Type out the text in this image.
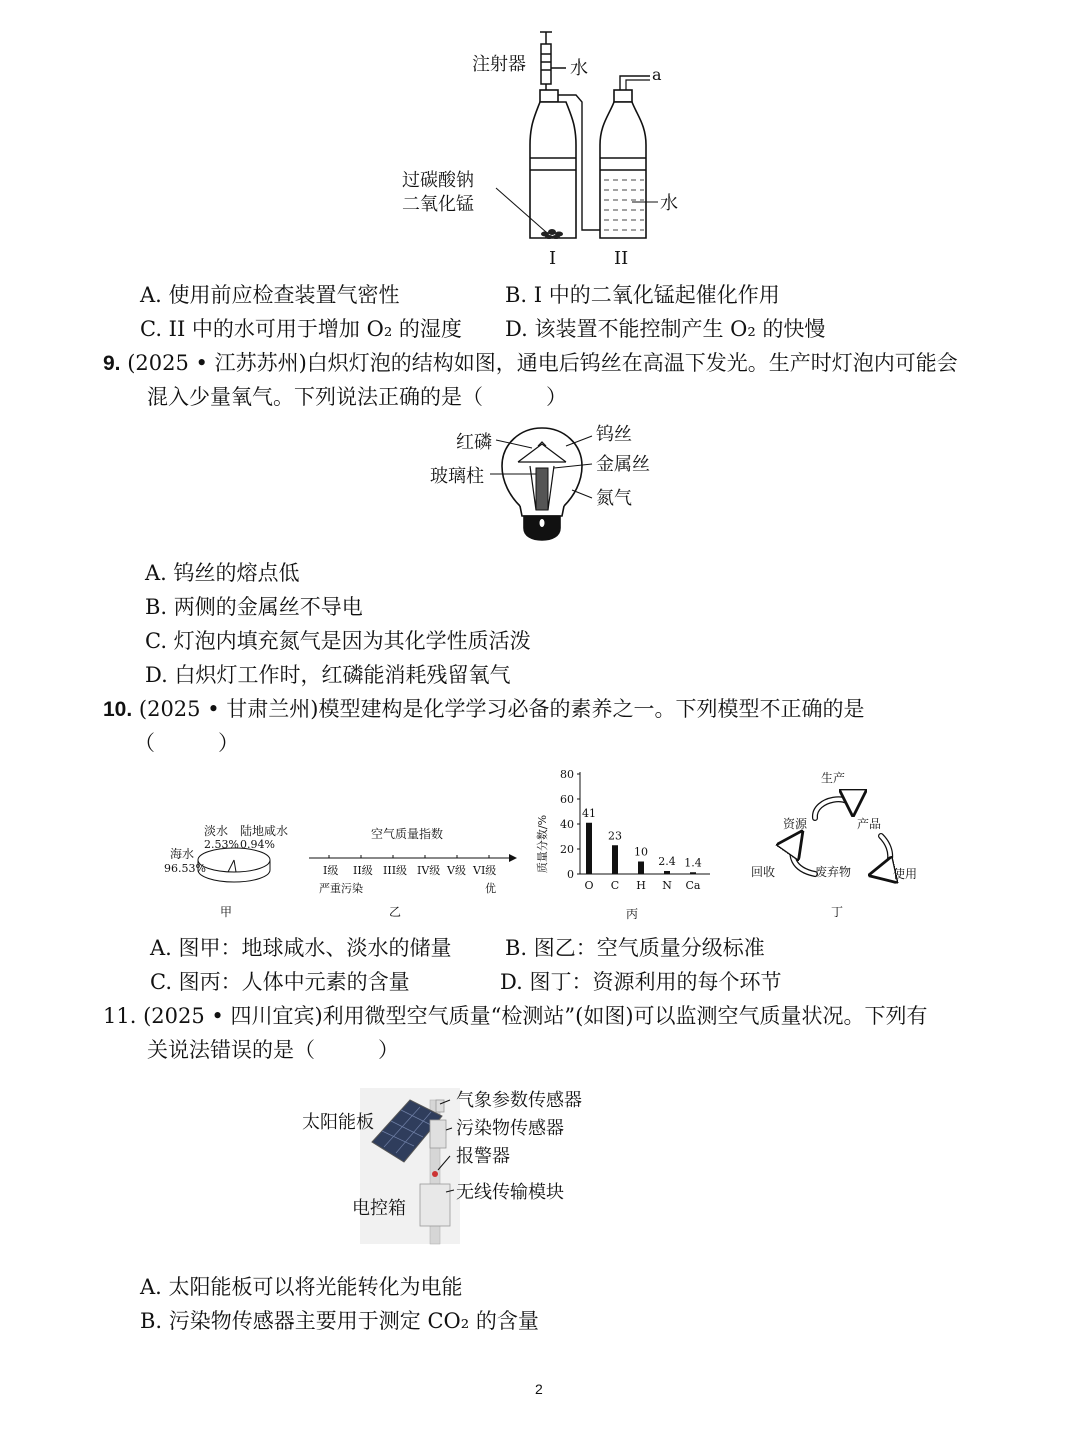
注射器 水	a
过碳酸钠
二氧化锰	水
I	II
A. 使用前应检查装置气密性	B. I 中的二氧化锰起催化作用
C. II 中的水可用于增加 O₂ 的湿度 D. 该装置不能控制产生 O₂ 的快慢
9. (2025 • 江苏苏州)白炽灯泡的结构如图，通电后钨丝在高温下发光。生产时灯泡内可能会
混入少量氧气。下列说法正确的是（　　　）
红磷
玻璃柱
钨丝
金属丝
氮气
A. 钨丝的熔点低
B. 两侧的金属丝不导电
C. 灯泡内填充氮气是因为其化学性质活泼
D. 白炽灯工作时，红磷能消耗残留氧气
10. (2025 • 甘肃兰州)模型建构是化学学习必备的素养之一。下列模型不正确的是
（　　　）
淡水
2.53%
陆地咸水
0.94%
海水
96.53%
甲
空气质量指数
I级 II级 III级 IV级 V级 VI级
严重污染	优
乙
质量分数/%
0
20
40
60
80
41
O
23
C
10
H
2.4
N
1.4
Ca
丙
生产
资源	产品
回收	废弃物	使用
丁
A. 图甲：地球咸水、淡水的储量	B. 图乙：空气质量分级标准
C. 图丙：人体中元素的含量	D. 图丁：资源利用的每个环节
11. (2025 • 四川宜宾)利用微型空气质量“检测站”(如图)可以监测空气质量状况。下列有
关说法错误的是（　　　）
太阳能板
气象参数传感器
污染物传感器
报警器
无线传输模块
电控箱
A. 太阳能板可以将光能转化为电能
B. 污染物传感器主要用于测定 CO₂ 的含量
2
